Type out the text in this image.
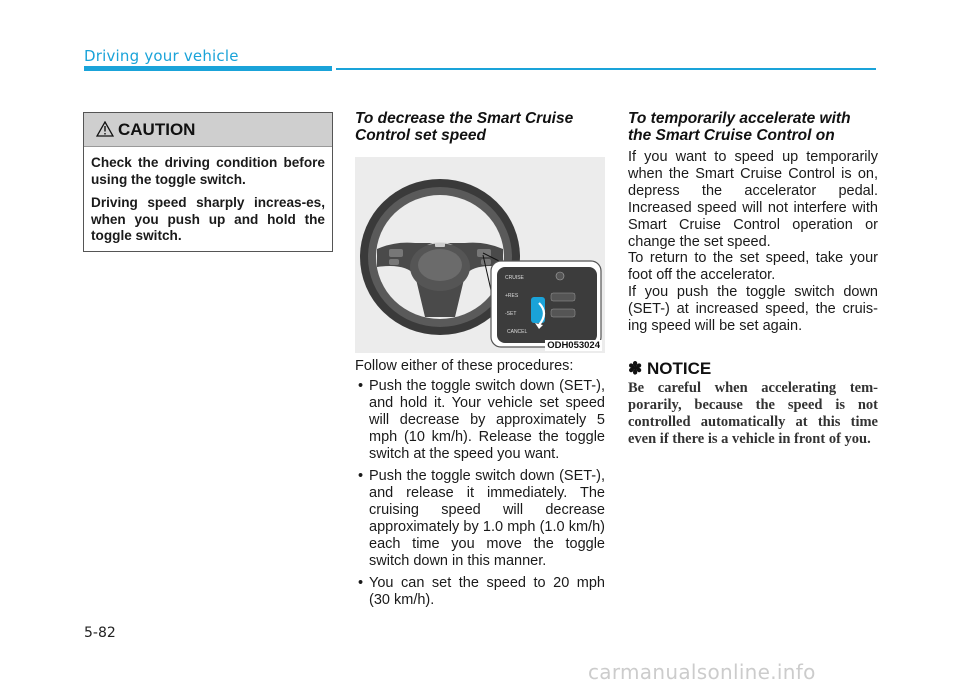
Driving your vehicle
CAUTION

Check the driving condition before using the toggle switch.

Driving speed sharply increas-es, when you push up and hold the toggle switch.

To decrease the Smart Cruise Control set speed
CRUISE
+RES
-SET
CANCEL
ODH053024
Follow either of these procedures:
• Push the toggle switch down (SET-), and hold it. Your vehicle set speed will decrease by approximately 5 mph (10 km/h). Release the toggle switch at the speed you want.
• Push the toggle switch down (SET-), and release it immediately. The cruising speed will decrease approximately by 1.0 mph (1.0 km/h) each time you move the toggle switch down in this manner.
• You can set the speed to 20 mph (30 km/h).
To temporarily accelerate with the Smart Cruise Control on

If you want to speed up temporarily when the Smart Cruise Control is on, depress the accelerator pedal. Increased speed will not interfere with Smart Cruise Control operation or change the set speed.

To return to the set speed, take your foot off the accelerator.

If you push the toggle switch down (SET-) at increased speed, the cruis-ing speed will be set again.

✽ NOTICE

Be careful when accelerating tem-porarily, because the speed is not controlled automatically at this time even if there is a vehicle in front of you.

5-82
carmanualsonline.info
